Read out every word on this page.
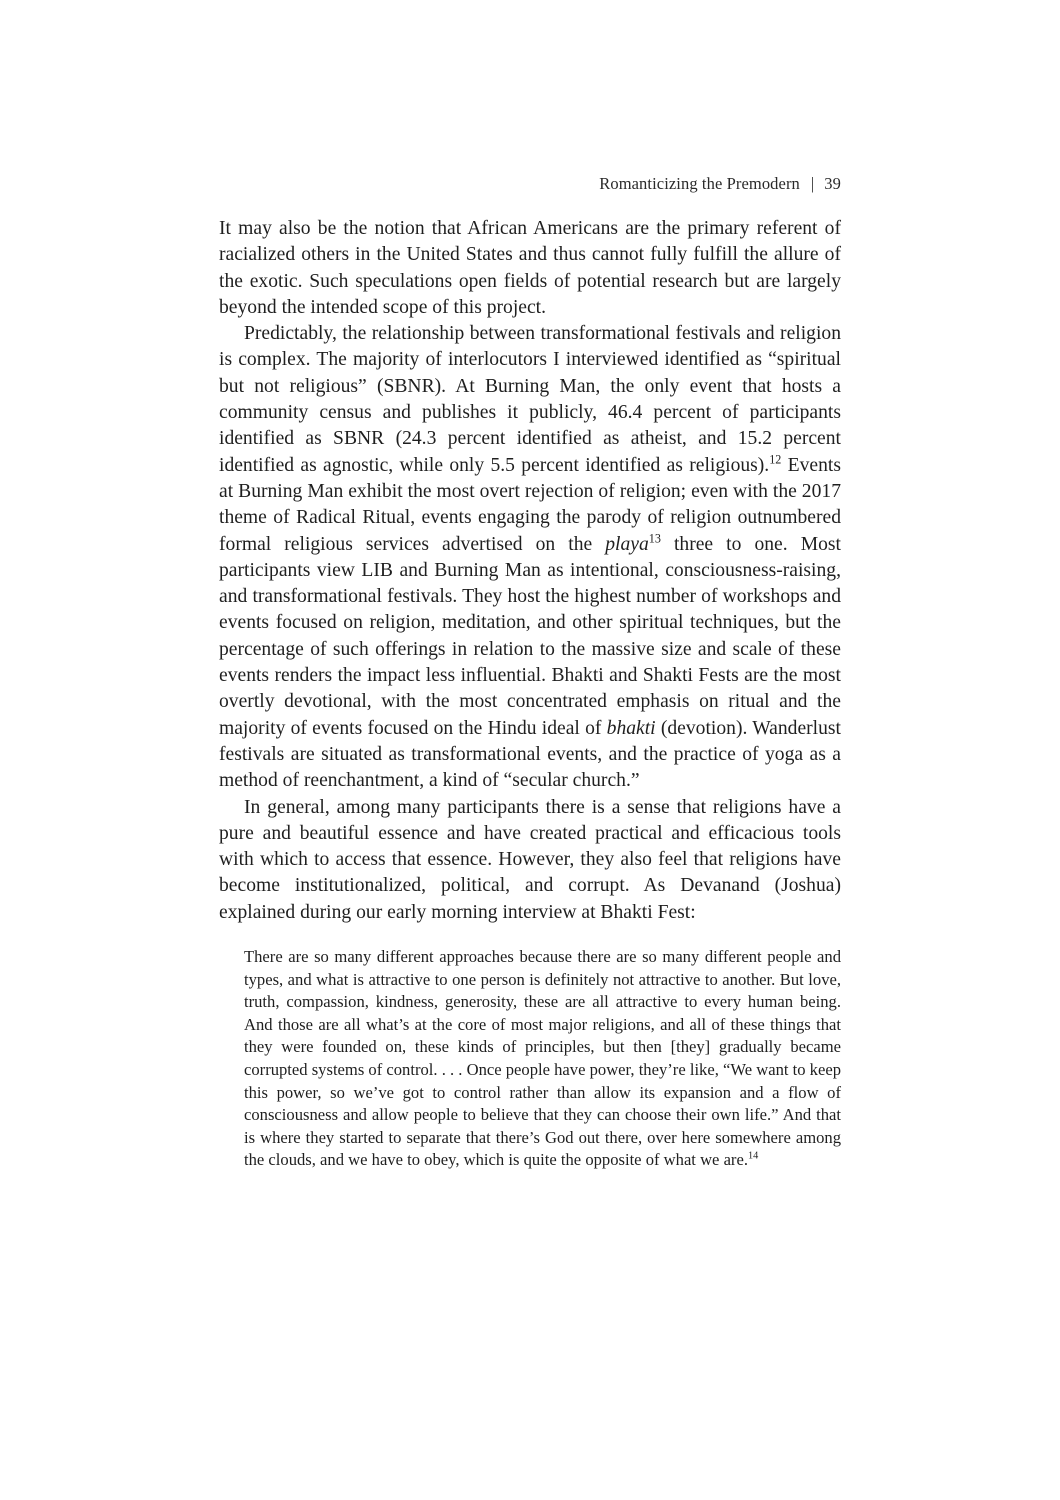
Romanticizing the Premodern | 39

It may also be the notion that African Americans are the primary referent of racialized others in the United States and thus cannot fully fulfill the allure of the exotic. Such speculations open fields of potential research but are largely beyond the intended scope of this project.

Predictably, the relationship between transformational festivals and religion is complex. The majority of interlocutors I interviewed identified as “spiritual but not religious” (SBNR). At Burning Man, the only event that hosts a community census and publishes it publicly, 46.4 percent of participants identified as SBNR (24.3 percent identified as atheist, and 15.2 percent identified as agnostic, while only 5.5 percent identified as religious).$^{12}$ Events at Burning Man exhibit the most overt rejection of religion; even with the 2017 theme of Radical Ritual, events engaging the parody of religion outnumbered formal religious services advertised on the playa$^{13}$ three to one. Most participants view LIB and Burning Man as intentional, consciousness-raising, and transformational festivals. They host the highest number of workshops and events focused on religion, meditation, and other spiritual techniques, but the percentage of such offerings in relation to the massive size and scale of these events renders the impact less influential. Bhakti and Shakti Fests are the most overtly devotional, with the most concentrated emphasis on ritual and the majority of events focused on the Hindu ideal of bhakti (devotion). Wanderlust festivals are situated as transformational events, and the practice of yoga as a method of reenchantment, a kind of “secular church.”

In general, among many participants there is a sense that religions have a pure and beautiful essence and have created practical and efficacious tools with which to access that essence. However, they also feel that religions have become institutionalized, political, and corrupt. As Devanand (Joshua) explained during our early morning interview at Bhakti Fest:

There are so many different approaches because there are so many different people and types, and what is attractive to one person is definitely not attractive to another. But love, truth, compassion, kindness, generosity, these are all attractive to every human being. And those are all what’s at the core of most major religions, and all of these things that they were founded on, these kinds of principles, but then [they] gradually became corrupted systems of control. . . . Once people have power, they’re like, “We want to keep this power, so we’ve got to control rather than allow its expansion and a flow of consciousness and allow people to believe that they can choose their own life.” And that is where they started to separate that there’s God out there, over here somewhere among the clouds, and we have to obey, which is quite the opposite of what we are.$^{14}$
